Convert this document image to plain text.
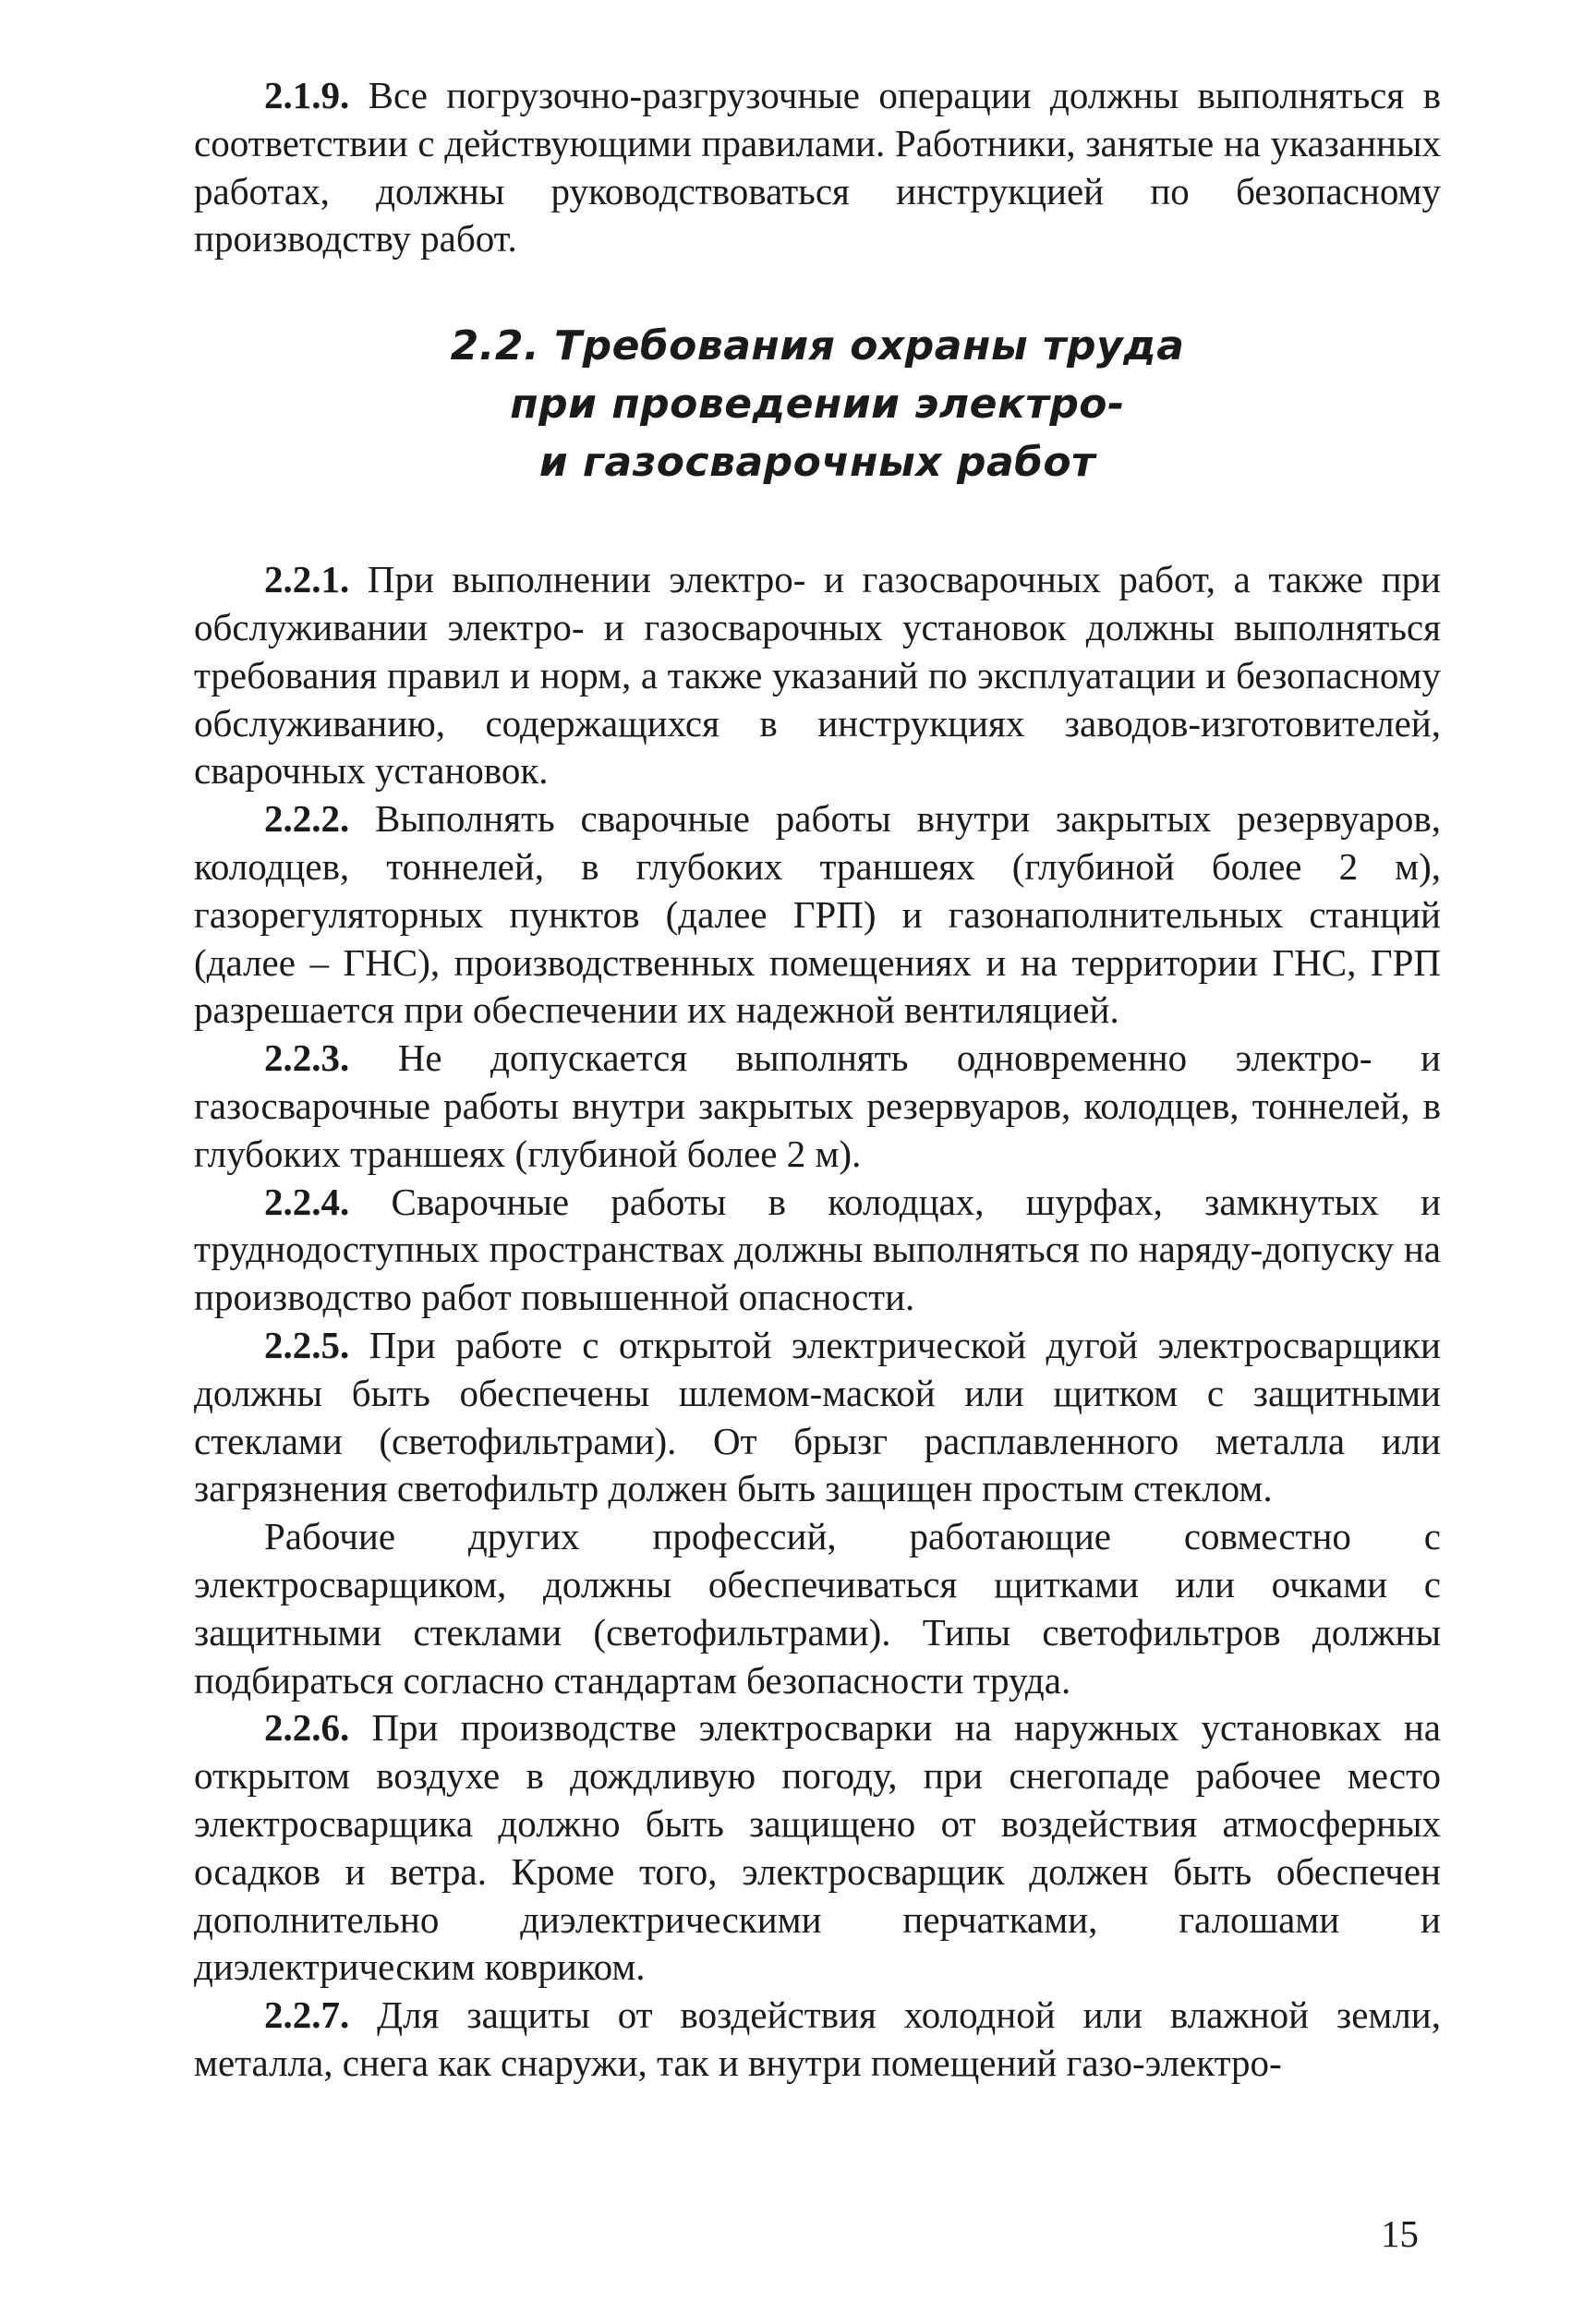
2.1.9. Все погрузочно-разгрузочные операции должны выполняться в соответствии с действующими правилами. Работники, занятые на указанных работах, должны руководствоваться инструкцией по безопасному производству работ.

2.2. Требования охраны труда
при проведении электро-
и газосварочных работ

2.2.1. При выполнении электро- и газосварочных работ, а также при обслуживании электро- и газосварочных установок должны выполняться требования правил и норм, а также указаний по эксплуатации и безопасному обслуживанию, содержащихся в инструкциях заводов-изготовителей, сварочных установок.

2.2.2. Выполнять сварочные работы внутри закрытых резервуаров, колодцев, тоннелей, в глубоких траншеях (глубиной более 2 м), газорегуляторных пунктов (далее ГРП) и газонаполнительных станций (далее – ГНС), производственных помещениях и на территории ГНС, ГРП разрешается при обеспечении их надежной вентиляцией.

2.2.3. Не допускается выполнять одновременно электро- и газосварочные работы внутри закрытых резервуаров, колодцев, тоннелей, в глубоких траншеях (глубиной более 2 м).

2.2.4. Сварочные работы в колодцах, шурфах, замкнутых и труднодоступных пространствах должны выполняться по наряду-допуску на производство работ повышенной опасности.

2.2.5. При работе с открытой электрической дугой электросварщики должны быть обеспечены шлемом-маской или щитком с защитными стеклами (светофильтрами). От брызг расплавленного металла или загрязнения светофильтр должен быть защищен простым стеклом.

Рабочие других профессий, работающие совместно с электросварщиком, должны обеспечиваться щитками или очками с защитными стеклами (светофильтрами). Типы светофильтров должны подбираться согласно стандартам безопасности труда.

2.2.6. При производстве электросварки на наружных установках на открытом воздухе в дождливую погоду, при снегопаде рабочее место электросварщика должно быть защищено от воздействия атмосферных осадков и ветра. Кроме того, электросварщик должен быть обеспечен дополнительно диэлектрическими перчатками, галошами и диэлектрическим ковриком.

2.2.7. Для защиты от воздействия холодной или влажной земли, металла, снега как снаружи, так и внутри помещений газо-электро-

15
